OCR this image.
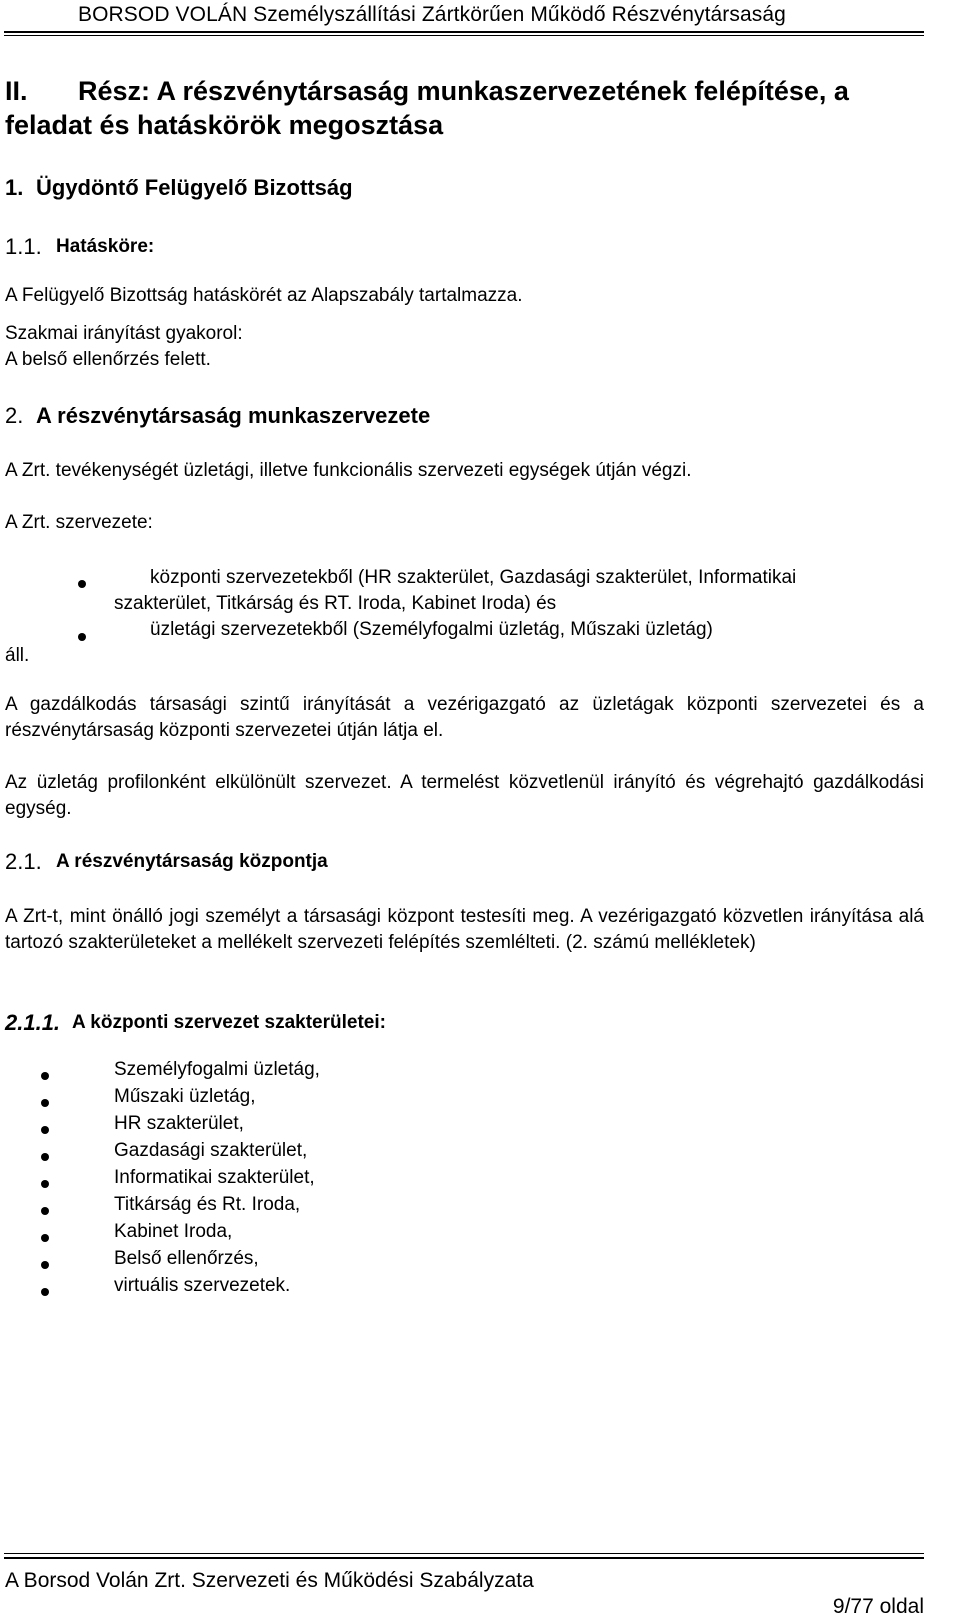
BORSOD VOLÁN Személyszállítási Zártkörűen Működő Részvénytársaság
II. Rész: A részvénytársaság munkaszervezetének felépítése, a
feladat és hatáskörök megosztása
1. Ügydöntő Felügyelő Bizottság
1.1. Hatásköre:
A Felügyelő Bizottság hatáskörét az Alapszabály tartalmazza.
Szakmai irányítást gyakorol:
A belső ellenőrzés felett.
2. A részvénytársaság munkaszervezete
A Zrt. tevékenységét üzletági, illetve funkcionális szervezeti egységek útján végzi.
A Zrt. szervezete:
központi szervezetekből (HR szakterület, Gazdasági szakterület, Informatikai
szakterület, Titkárság és RT. Iroda, Kabinet Iroda) és
üzletági szervezetekből (Személyfogalmi üzletág, Műszaki üzletág)
áll.
A gazdálkodás társasági szintű irányítását a vezérigazgató az üzletágak központi szervezetei és a részvénytársaság központi szervezetei útján látja el.
Az üzletág profilonként elkülönült szervezet. A termelést közvetlenül irányító és végrehajtó gazdálkodási egység.
2.1. A részvénytársaság központja
A Zrt-t, mint önálló jogi személyt a társasági központ testesíti meg. A vezérigazgató közvetlen irányítása alá tartozó szakterületeket a mellékelt szervezeti felépítés szemlélteti. (2. számú mellékletek)
2.1.1. A központi szervezet szakterületei:
Személyfogalmi üzletág,
Műszaki üzletág,
HR szakterület,
Gazdasági szakterület,
Informatikai szakterület,
Titkárság és Rt. Iroda,
Kabinet Iroda,
Belső ellenőrzés,
virtuális szervezetek.
A Borsod Volán Zrt. Szervezeti és Működési Szabályzata
9/77 oldal
